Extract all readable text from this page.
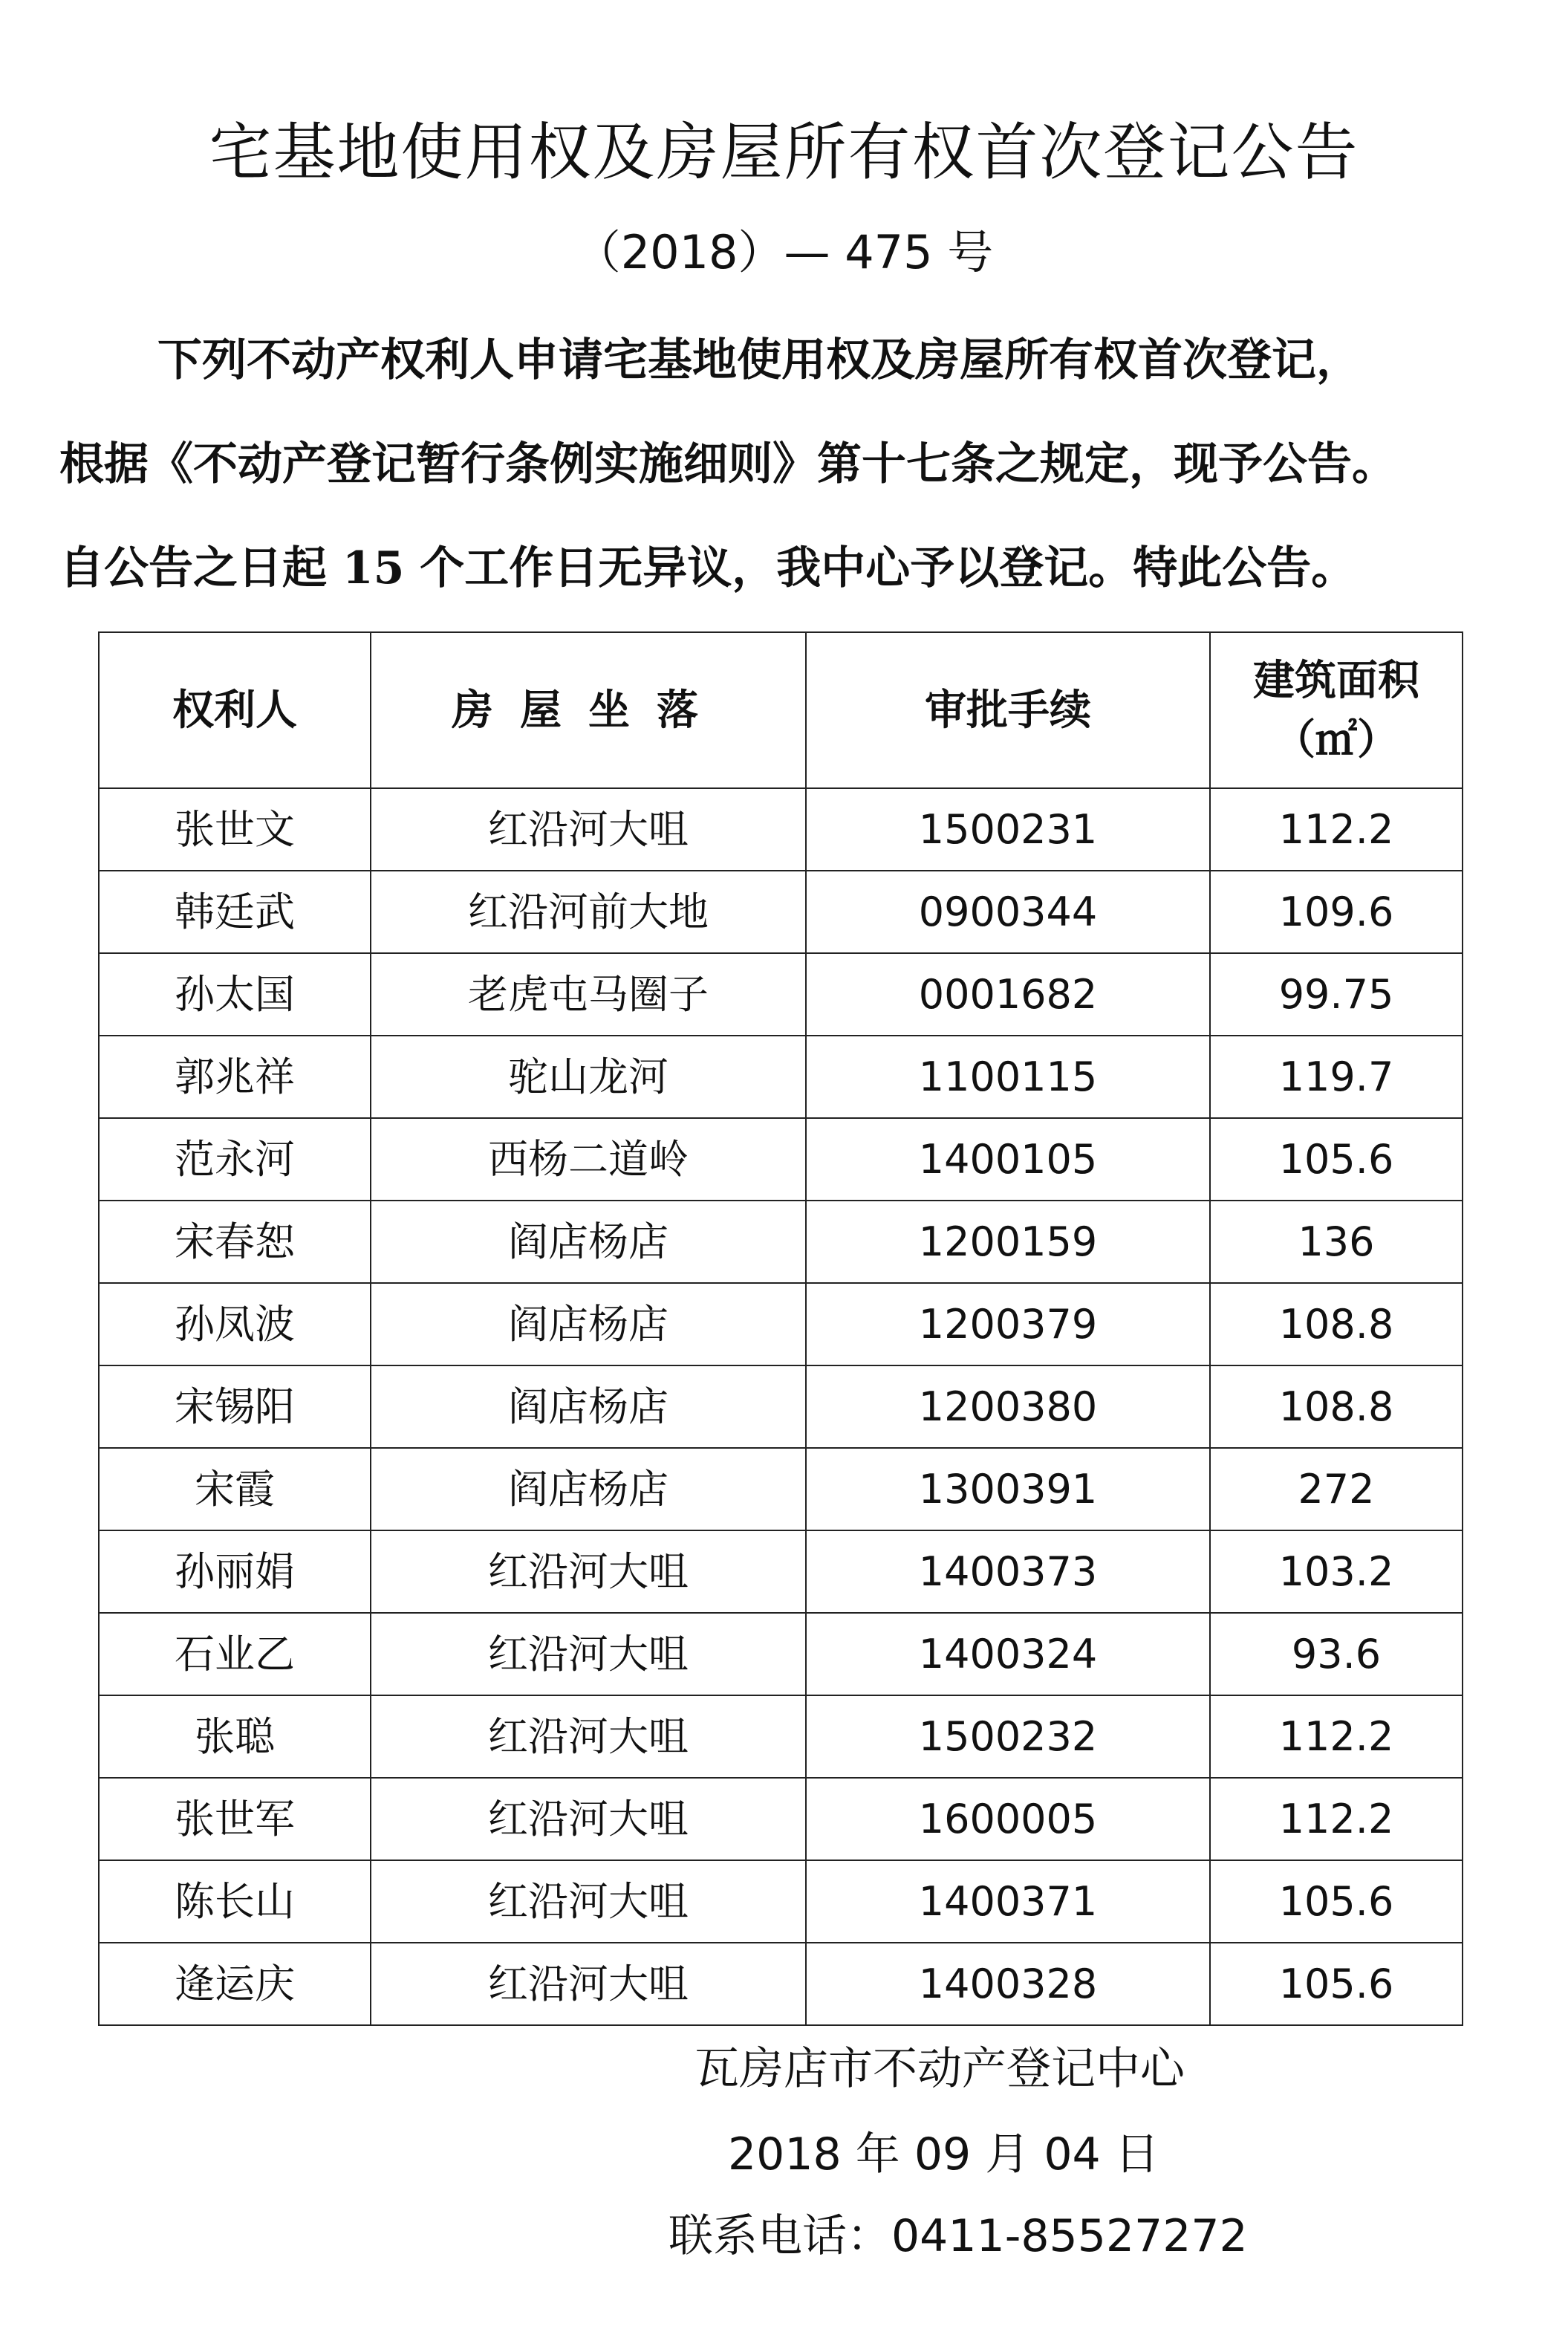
宅基地使用权及房屋所有权首次登记公告
（2018）— 475 号
下列不动产权利人申请宅基地使用权及房屋所有权首次登记，
根据《不动产登记暂行条例实施细则》第十七条之规定，现予公告。
自公告之日起 15 个工作日无异议，我中心予以登记。特此公告。
权利人	房屋坐落	审批手续	建筑面积
（㎡）

张世文	红沿河大咀	1500231	112.2
韩廷武	红沿河前大地	0900344	109.6
孙太国	老虎屯马圈子	0001682	99.75
郭兆祥	驼山龙河	1100115	119.7
范永河	西杨二道岭	1400105	105.6
宋春恕	阎店杨店	1200159	136
孙凤波	阎店杨店	1200379	108.8
宋锡阳	阎店杨店	1200380	108.8
宋霞	阎店杨店	1300391	272
孙丽娟	红沿河大咀	1400373	103.2
石业乙	红沿河大咀	1400324	93.6
张聪	红沿河大咀	1500232	112.2
张世军	红沿河大咀	1600005	112.2
陈长山	红沿河大咀	1400371	105.6
逄运庆	红沿河大咀	1400328	105.6
瓦房店市不动产登记中心
2018 年 09 月 04 日
联系电话：0411-85527272
